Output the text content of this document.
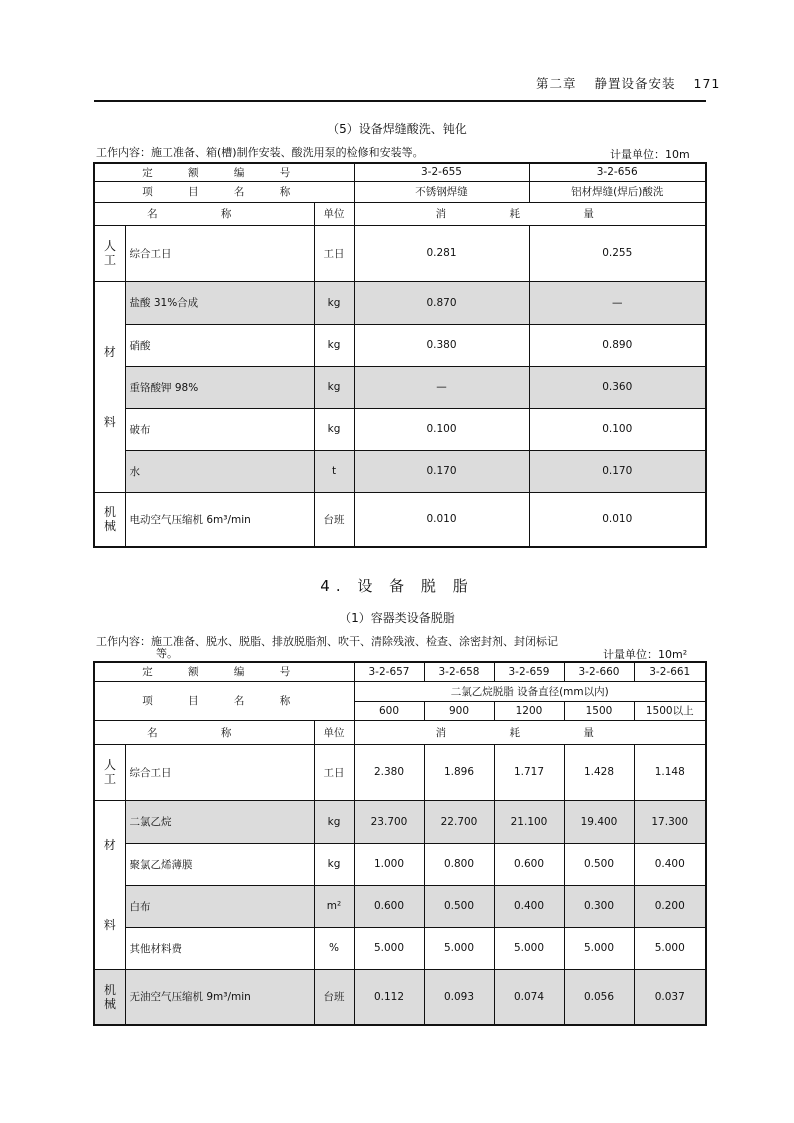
第二章 静置设备安装 171
（5）设备焊缝酸洗、钝化
工作内容：施工准备、箱(槽)制作安装、酸洗用泵的检修和安装等。	计量单位：10m
定 额 编 号			3-2-655	3-2-656
项 目 名 称			不锈钢焊缝	铝材焊缝(焊后)酸洗
名 称		单位	消 耗 量	
人工	综合工日	工日	0.281	0.255

材
料	盐酸 31%合成	kg	0.870	—
	硝酸	kg	0.380	0.890
	重铬酸钾 98%	kg	—	0.360
	破布	kg	0.100	0.100
	水	t	0.170	0.170
机械	电动空气压缩机 6m³/min	台班	0.010	0.010
4. 设 备 脱 脂
（1）容器类设备脱脂
工作内容：施工准备、脱水、脱脂、排放脱脂剂、吹干、清除残液、检查、涂密封剂、封闭标记
等。	计量单位：10m²
定 额 编 号			3-2-657	3-2-658	3-2-659	3-2-660	3-2-661
项 目 名 称			二氯乙烷脱脂 设备直径(mm以内)				
			600	900	1200	1500	1500以上
名 称		单位	消 耗 量				
人工	综合工日	工日	2.380	1.896	1.717	1.428	1.148

材
料	二氯乙烷	kg	23.700	22.700	21.100	19.400	17.300
	聚氯乙烯薄膜	kg	1.000	0.800	0.600	0.500	0.400
	白布	m²	0.600	0.500	0.400	0.300	0.200
	其他材料费	%	5.000	5.000	5.000	5.000	5.000
机械	无油空气压缩机 9m³/min	台班	0.112	0.093	0.074	0.056	0.037
